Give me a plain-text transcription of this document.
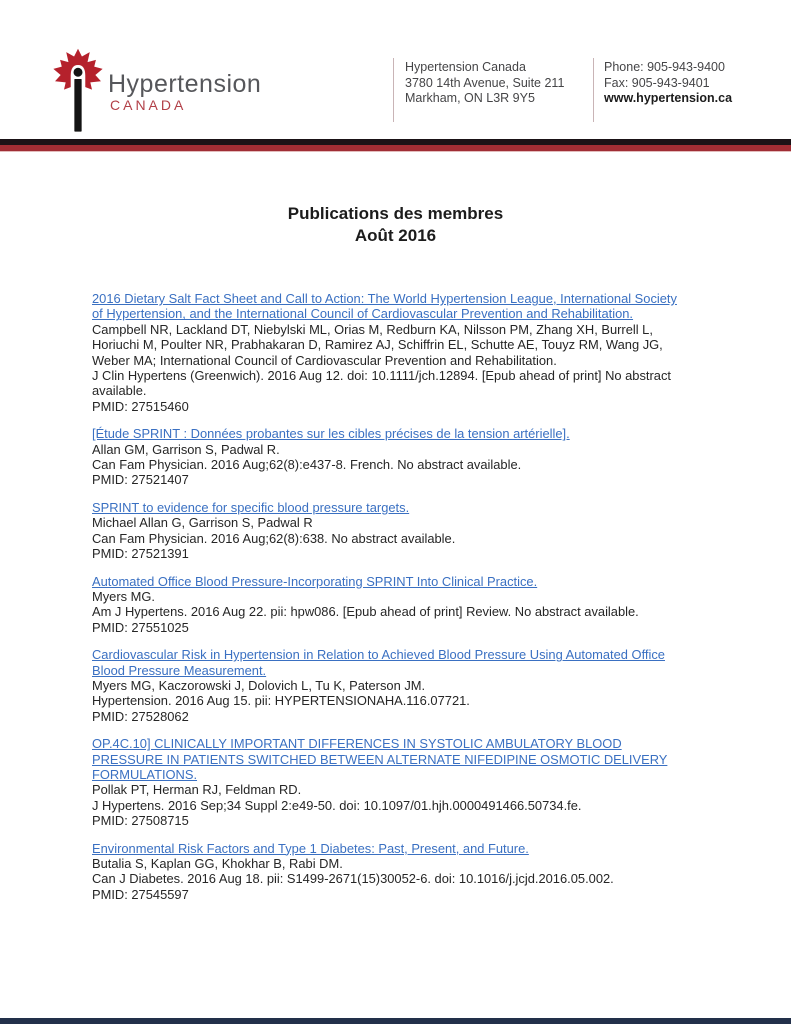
Hypertension
CANADA
Hypertension Canada
3780 14th Avenue, Suite 211
Markham, ON L3R 9Y5
Phone: 905-943-9400
Fax: 905-943-9401
www.hypertension.ca
Publications des membres
Août 2016
2016 Dietary Salt Fact Sheet and Call to Action: The World Hypertension League, International Society of Hypertension, and the International Council of Cardiovascular Prevention and Rehabilitation.
Campbell NR, Lackland DT, Niebylski ML, Orias M, Redburn KA, Nilsson PM, Zhang XH, Burrell L, Horiuchi M, Poulter NR, Prabhakaran D, Ramirez AJ, Schiffrin EL, Schutte AE, Touyz RM, Wang JG, Weber MA; International Council of Cardiovascular Prevention and Rehabilitation.
J Clin Hypertens (Greenwich). 2016 Aug 12. doi: 10.1111/jch.12894. [Epub ahead of print] No abstract available.
PMID: 27515460
[Étude SPRINT : Données probantes sur les cibles précises de la tension artérielle].
Allan GM, Garrison S, Padwal R.
Can Fam Physician. 2016 Aug;62(8):e437-8. French. No abstract available.
PMID: 27521407
SPRINT to evidence for specific blood pressure targets.
Michael Allan G, Garrison S, Padwal R
Can Fam Physician. 2016 Aug;62(8):638. No abstract available.
PMID: 27521391
Automated Office Blood Pressure-Incorporating SPRINT Into Clinical Practice.
Myers MG.
Am J Hypertens. 2016 Aug 22. pii: hpw086. [Epub ahead of print] Review. No abstract available.
PMID: 27551025
Cardiovascular Risk in Hypertension in Relation to Achieved Blood Pressure Using Automated Office Blood Pressure Measurement.
Myers MG, Kaczorowski J, Dolovich L, Tu K, Paterson JM.
Hypertension. 2016 Aug 15. pii: HYPERTENSIONAHA.116.07721.
PMID: 27528062
OP.4C.10] CLINICALLY IMPORTANT DIFFERENCES IN SYSTOLIC AMBULATORY BLOOD PRESSURE IN PATIENTS SWITCHED BETWEEN ALTERNATE NIFEDIPINE OSMOTIC DELIVERY FORMULATIONS.
Pollak PT, Herman RJ, Feldman RD.
J Hypertens. 2016 Sep;34 Suppl 2:e49-50. doi: 10.1097/01.hjh.0000491466.50734.fe.
PMID: 27508715
Environmental Risk Factors and Type 1 Diabetes: Past, Present, and Future.
Butalia S, Kaplan GG, Khokhar B, Rabi DM.
Can J Diabetes. 2016 Aug 18. pii: S1499-2671(15)30052-6. doi: 10.1016/j.jcjd.2016.05.002.
PMID: 27545597
